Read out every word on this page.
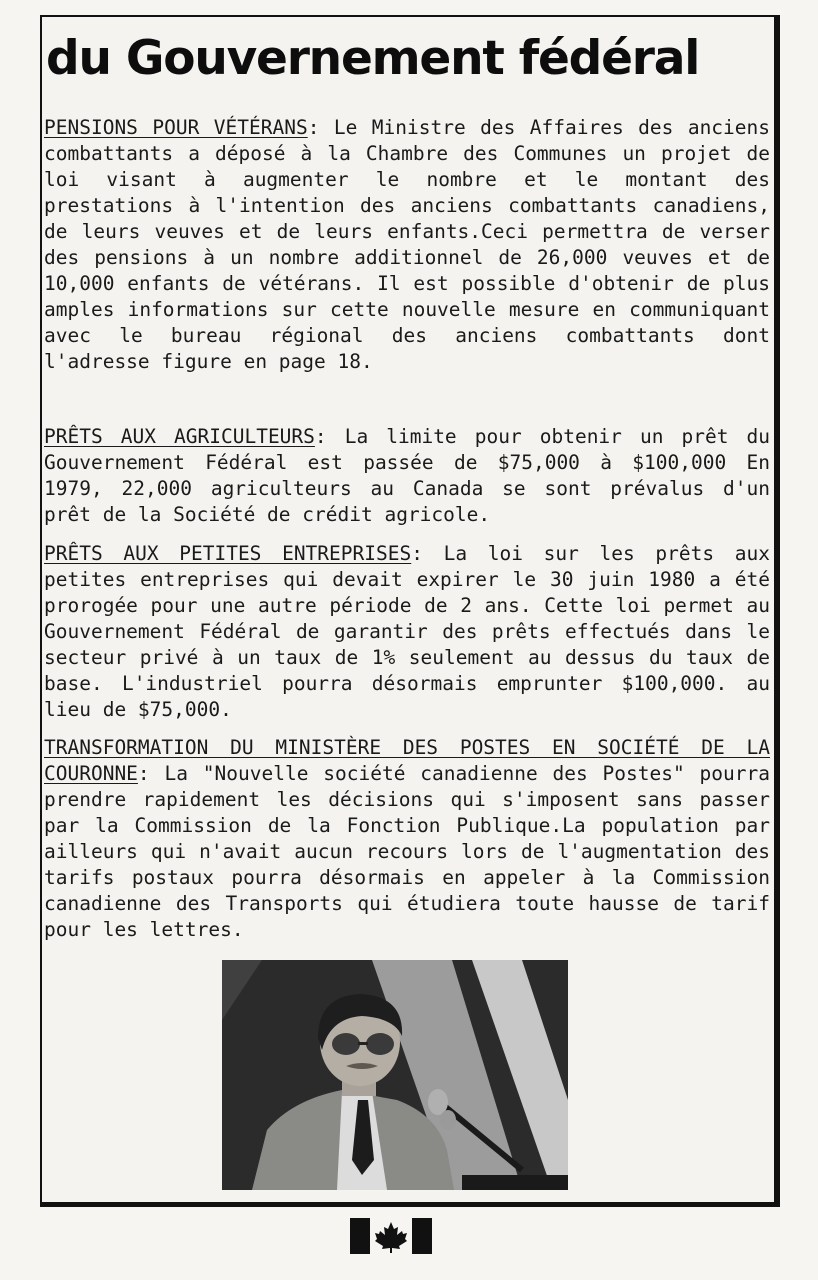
du Gouvernement fédéral

PENSIONS POUR VÉTÉRANS: Le Ministre des Affaires des anciens combattants a déposé à la Chambre des Communes un projet de loi visant à augmenter le nombre et le montant des prestations à l'intention des anciens combattants canadiens, de leurs veuves et de leurs enfants.Ceci permettra de verser des pensions à un nombre additionnel de 26,000 veuves et de 10,000 enfants de vétérans. Il est possible d'obtenir de plus amples informations sur cette nouvelle mesure en communiquant avec le bureau régional des anciens combattants dont l'adresse figure en page 18.

PRÊTS AUX AGRICULTEURS: La limite pour obtenir un prêt du Gouvernement Fédéral est passée de $75,000 à $100,000 En 1979, 22,000 agriculteurs au Canada se sont prévalus d'un prêt de la Société de crédit agricole.

PRÊTS AUX PETITES ENTREPRISES: La loi sur les prêts aux petites entreprises qui devait expirer le 30 juin 1980 a été prorogée pour une autre période de 2 ans. Cette loi permet au Gouvernement Fédéral de garantir des prêts effectués dans le secteur privé à un taux de 1% seulement au dessus du taux de base. L'industriel pourra désormais emprunter $100,000. au lieu de $75,000.

TRANSFORMATION DU MINISTÈRE DES POSTES EN SOCIÉTÉ DE LA COURONNE: La "Nouvelle société canadienne des Postes" pourra prendre rapidement les décisions qui s'imposent sans passer par la Commission de la Fonction Publique.La population par ailleurs qui n'avait aucun recours lors de l'augmentation des tarifs postaux pourra désormais en appeler à la Commission canadienne des Transports qui étudiera toute hausse de tarif pour les lettres.
